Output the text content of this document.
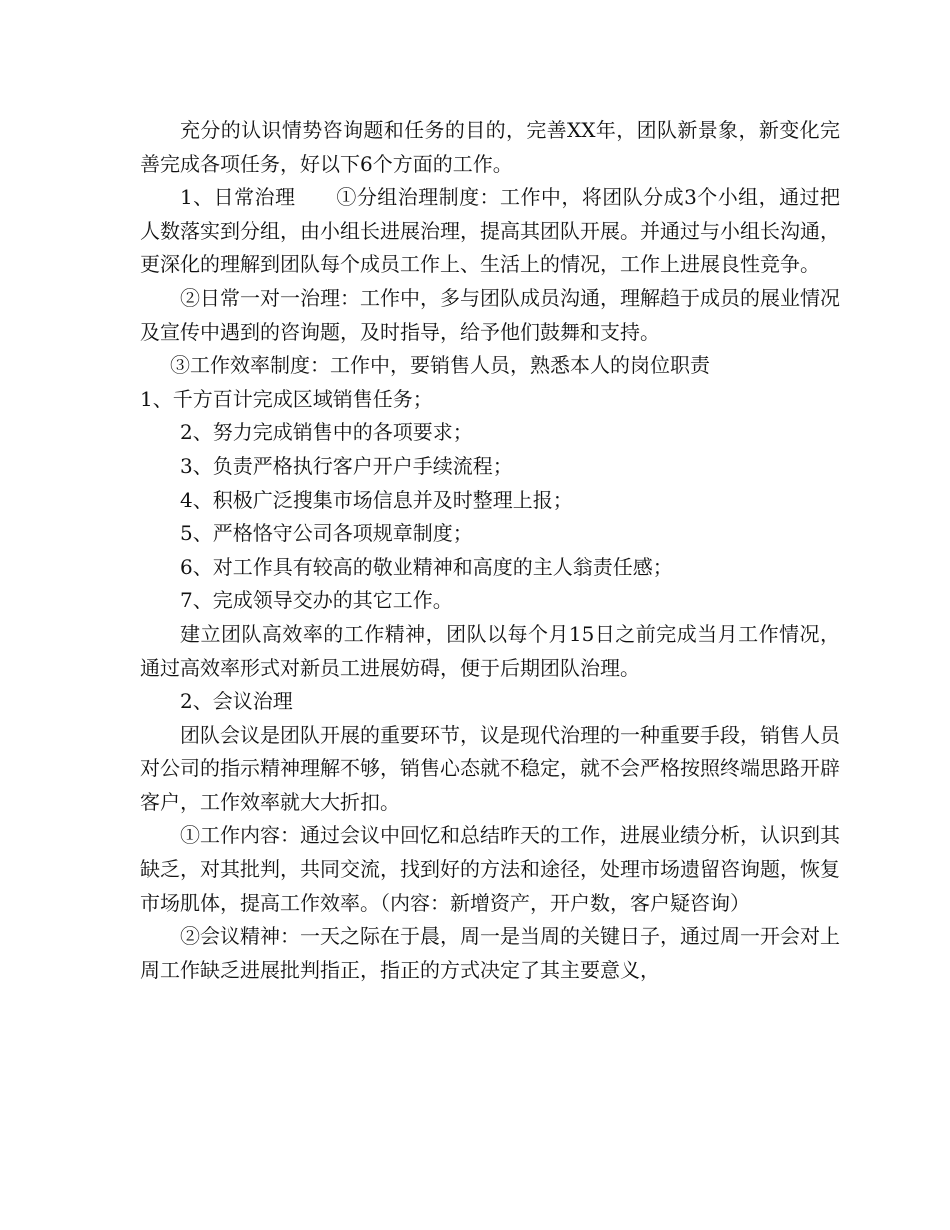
充分的认识情势咨询题和任务的目的，完善XX年，团队新景象，新变化完善完成各项任务，好以下6个方面的工作。

1、日常治理　　①分组治理制度：工作中，将团队分成3个小组，通过把人数落实到分组，由小组长进展治理，提高其团队开展。并通过与小组长沟通，更深化的理解到团队每个成员工作上、生活上的情况，工作上进展良性竞争。

②日常一对一治理：工作中，多与团队成员沟通，理解趋于成员的展业情况及宣传中遇到的咨询题，及时指导，给予他们鼓舞和支持。

③工作效率制度：工作中，要销售人员，熟悉本人的岗位职责

1、千方百计完成区域销售任务；

2、努力完成销售中的各项要求；

3、负责严格执行客户开户手续流程；

4、积极广泛搜集市场信息并及时整理上报；

5、严格恪守公司各项规章制度；

6、对工作具有较高的敬业精神和高度的主人翁责任感；

7、完成领导交办的其它工作。

建立团队高效率的工作精神，团队以每个月15日之前完成当月工作情况，通过高效率形式对新员工进展妨碍，便于后期团队治理。

2、会议治理

团队会议是团队开展的重要环节，议是现代治理的一种重要手段，销售人员对公司的指示精神理解不够，销售心态就不稳定，就不会严格按照终端思路开辟客户，工作效率就大大折扣。

①工作内容：通过会议中回忆和总结昨天的工作，进展业绩分析，认识到其缺乏，对其批判，共同交流，找到好的方法和途径，处理市场遗留咨询题，恢复市场肌体，提高工作效率。（内容：新增资产，开户数，客户疑咨询）

②会议精神：一天之际在于晨，周一是当周的关键日子，通过周一开会对上周工作缺乏进展批判指正，指正的方式决定了其主要意义，
